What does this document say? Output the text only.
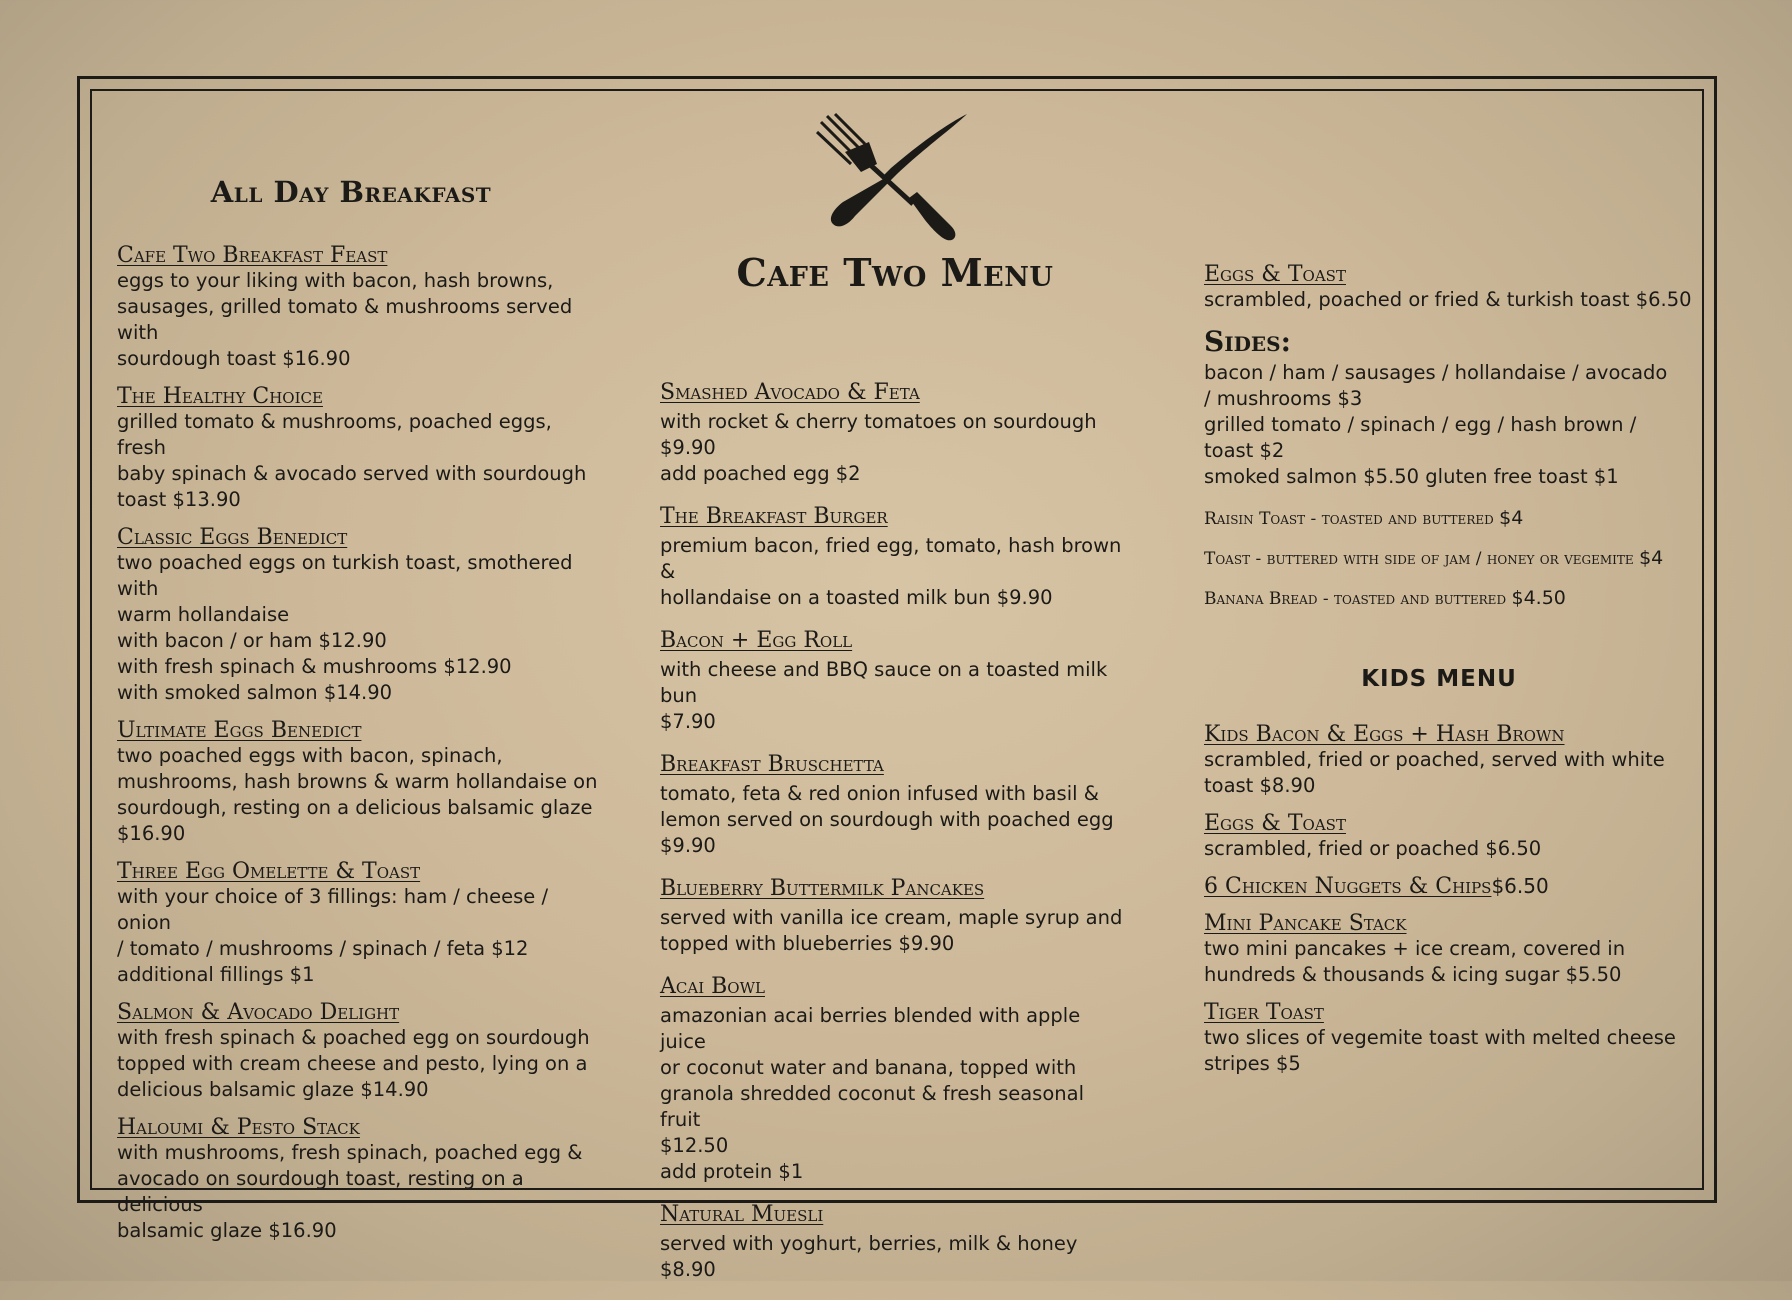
Cafe Two Menu
All Day Breakfast

Cafe Two Breakfast Feast

eggs to your liking with bacon, hash browns,
sausages, grilled tomato & mushrooms served with
sourdough toast $16.90

The Healthy Choice

grilled tomato & mushrooms, poached eggs, fresh
baby spinach & avocado served with sourdough
toast $13.90

Classic Eggs Benedict

two poached eggs on turkish toast, smothered with
warm hollandaise
with bacon / or ham $12.90
with fresh spinach & mushrooms $12.90
with smoked salmon $14.90

Ultimate Eggs Benedict

two poached eggs with bacon, spinach,
mushrooms, hash browns & warm hollandaise on
sourdough, resting on a delicious balsamic glaze
$16.90

Three Egg Omelette & Toast

with your choice of 3 fillings: ham / cheese / onion
/ tomato / mushrooms / spinach / feta $12
additional fillings $1

Salmon & Avocado Delight

with fresh spinach & poached egg on sourdough
topped with cream cheese and pesto, lying on a
delicious balsamic glaze $14.90

Haloumi & Pesto Stack

with mushrooms, fresh spinach, poached egg &
avocado on sourdough toast, resting on a delicious
balsamic glaze $16.90

Smashed Avocado & Feta

with rocket & cherry tomatoes on sourdough
$9.90
add poached egg $2

The Breakfast Burger

premium bacon, fried egg, tomato, hash brown &
hollandaise on a toasted milk bun $9.90

Bacon + Egg Roll

with cheese and BBQ sauce on a toasted milk bun
$7.90

Breakfast Bruschetta

tomato, feta & red onion infused with basil &
lemon served on sourdough with poached egg
$9.90

Blueberry Buttermilk Pancakes

served with vanilla ice cream, maple syrup and
topped with blueberries $9.90

Acai Bowl

amazonian acai berries blended with apple juice
or coconut water and banana, topped with
granola shredded coconut & fresh seasonal fruit
$12.50
add protein $1

Natural Muesli

served with yoghurt, berries, milk & honey $8.90

Eggs & Toast

scrambled, poached or fried & turkish toast $6.50

Sides:

bacon / ham / sausages / hollandaise / avocado
/ mushrooms $3
grilled tomato / spinach / egg / hash brown /
toast $2
smoked salmon $5.50 gluten free toast $1

Raisin Toast - toasted and buttered $4

Toast - buttered with side of jam / honey or vegemite $4

Banana Bread - toasted and buttered $4.50

KIDS MENU

Kids Bacon & Eggs + Hash Brown

scrambled, fried or poached, served with white
toast $8.90

Eggs & Toast

scrambled, fried or poached $6.50

6 Chicken Nuggets & Chips$6.50

Mini Pancake Stack

two mini pancakes + ice cream, covered in
hundreds & thousands & icing sugar $5.50

Tiger Toast

two slices of vegemite toast with melted cheese
stripes $5
